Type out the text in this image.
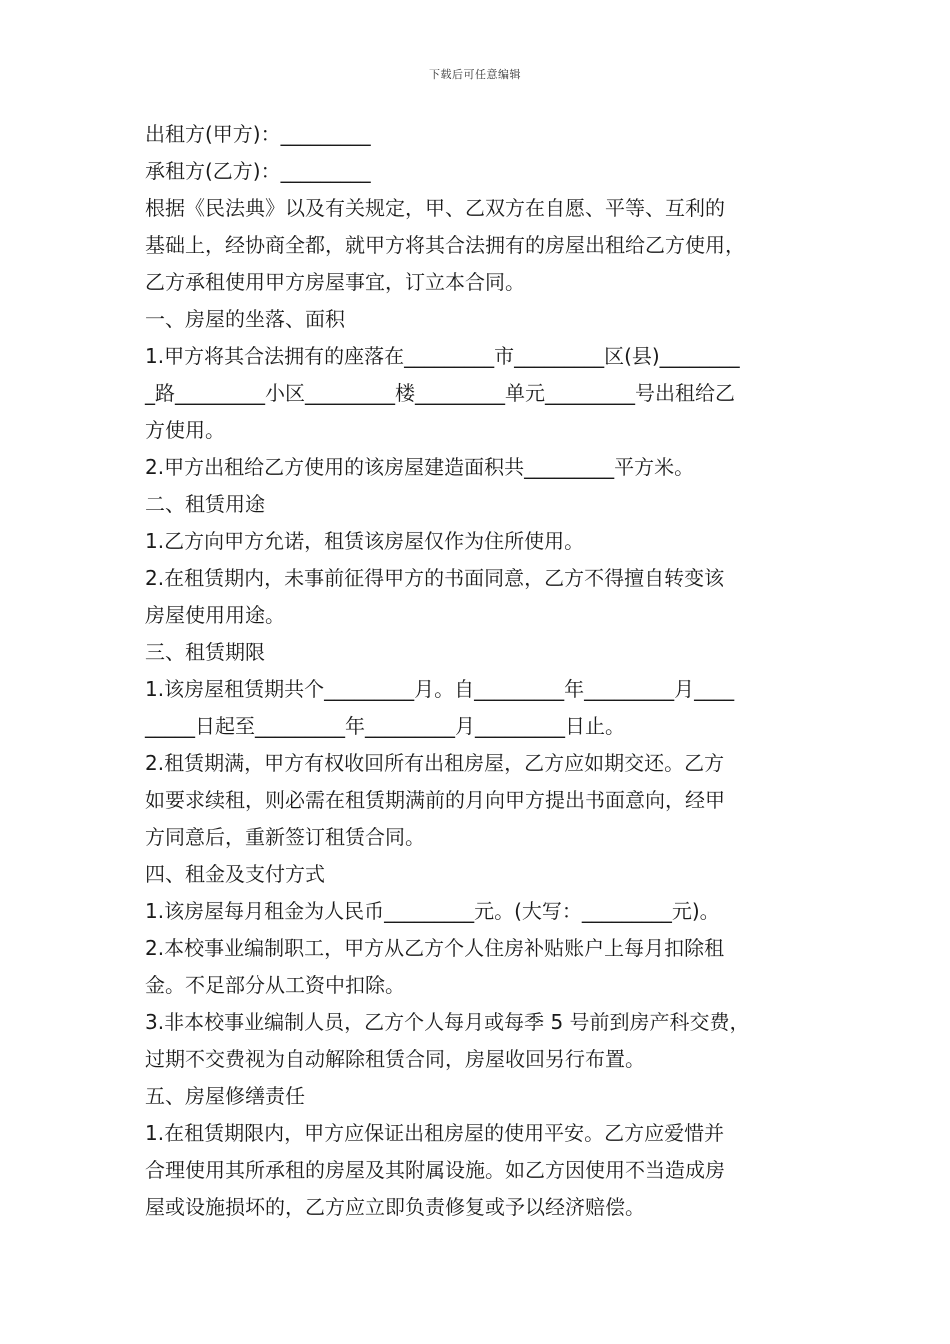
下载后可任意编辑
出租方(甲方)：_________
承租方(乙方)：_________
根据《民法典》以及有关规定，甲、乙双方在自愿、平等、互利的
基础上，经协商全都，就甲方将其合法拥有的房屋出租给乙方使用，
乙方承租使用甲方房屋事宜，订立本合同。
一、房屋的坐落、面积
1.甲方将其合法拥有的座落在_________市_________区(县)________
_路_________小区_________楼_________单元_________号出租给乙
方使用。
2.甲方出租给乙方使用的该房屋建造面积共_________平方米。
二、租赁用途
1.乙方向甲方允诺，租赁该房屋仅作为住所使用。
2.在租赁期内，未事前征得甲方的书面同意，乙方不得擅自转变该
房屋使用用途。
三、租赁期限
1.该房屋租赁期共个_________月。自_________年_________月____
_____日起至_________年_________月_________日止。
2.租赁期满，甲方有权收回所有出租房屋，乙方应如期交还。乙方
如要求续租，则必需在租赁期满前的月向甲方提出书面意向，经甲
方同意后，重新签订租赁合同。
四、租金及支付方式
1.该房屋每月租金为人民币_________元。(大写：_________元)。
2.本校事业编制职工，甲方从乙方个人住房补贴账户上每月扣除租
金。不足部分从工资中扣除。
3.非本校事业编制人员，乙方个人每月或每季 5 号前到房产科交费，
过期不交费视为自动解除租赁合同，房屋收回另行布置。
五、房屋修缮责任
1.在租赁期限内，甲方应保证出租房屋的使用平安。乙方应爱惜并
合理使用其所承租的房屋及其附属设施。如乙方因使用不当造成房
屋或设施损坏的，乙方应立即负责修复或予以经济赔偿。
